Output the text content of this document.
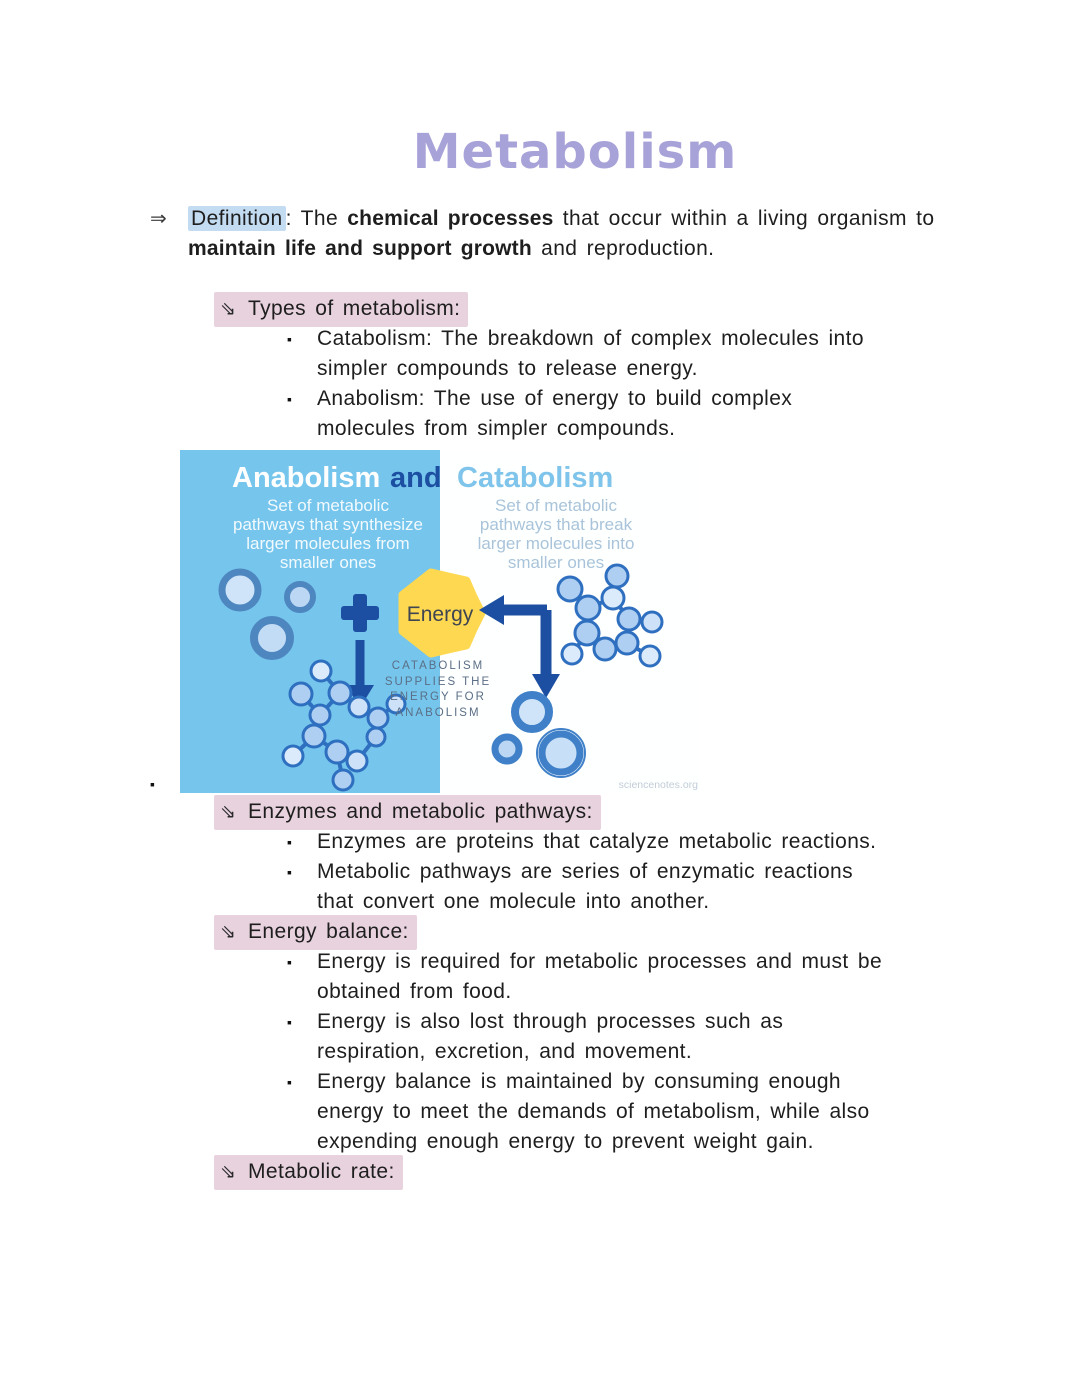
Metabolism
⇒	Definition : The chemical processes that occur within a living organism to maintain life and support growth and reproduction.

⇘ Types of metabolism:
▪	Catabolism: The breakdown of complex molecules into simpler compounds to release energy.

▪	Anabolism: The use of energy to build complex molecules from simpler compounds.

▪
Anabolism and Catabolism
Set of metabolic
pathways that synthesize
larger molecules from
smaller ones
Set of metabolic
pathways that break
larger molecules into
smaller ones
Energy
CATABOLISM
SUPPLIES THE
ENERGY FOR
ANABOLISM
sciencenotes.org
⇘ Enzymes and metabolic pathways:
▪	Enzymes are proteins that catalyze metabolic reactions.

▪	Metabolic pathways are series of enzymatic reactions that convert one molecule into another.

⇘ Energy balance:
▪	Energy is required for metabolic processes and must be obtained from food.

▪	Energy is also lost through processes such as respiration, excretion, and movement.

▪	Energy balance is maintained by consuming enough energy to meet the demands of metabolism, while also expending enough energy to prevent weight gain.

⇘ Metabolic rate:
